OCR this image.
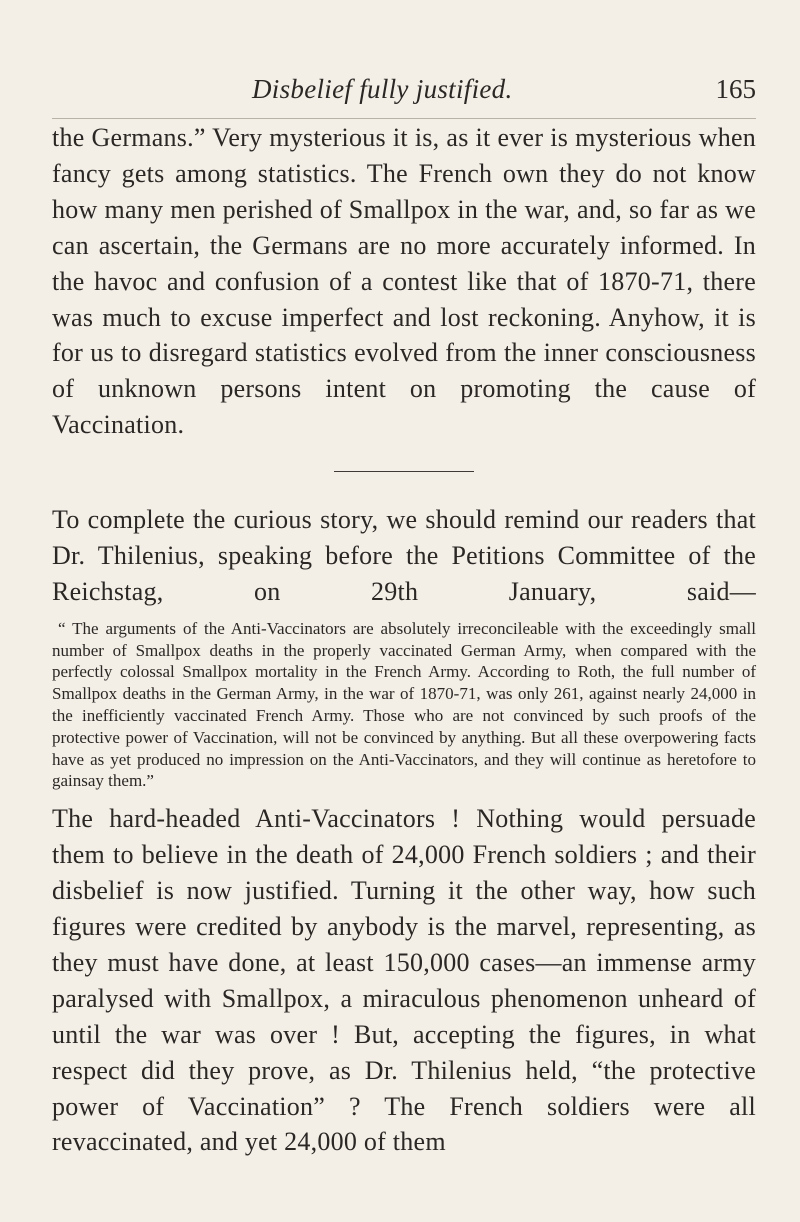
Disbelief fully justified.	165

the Germans.” Very mysterious it is, as it ever is mysterious when fancy gets among statistics. The French own they do not know how many men perished of Smallpox in the war, and, so far as we can ascertain, the Germans are no more accurately informed. In the havoc and confusion of a contest like that of 1870-71, there was much to excuse imperfect and lost reckoning. Anyhow, it is for us to disregard statistics evolved from the inner consciousness of unknown persons intent on promoting the cause of Vaccination.

To complete the curious story, we should remind our readers that Dr. Thilenius, speaking before the Petitions Committee of the Reichstag, on 29th January, said—

“ The arguments of the Anti-Vaccinators are absolutely irreconcileable with the exceedingly small number of Smallpox deaths in the properly vaccinated German Army, when compared with the perfectly colossal Smallpox mortality in the French Army. According to Roth, the full number of Smallpox deaths in the German Army, in the war of 1870-71, was only 261, against nearly 24,000 in the inefficiently vaccinated French Army. Those who are not convinced by such proofs of the protective power of Vaccination, will not be convinced by anything. But all these overpowering facts have as yet produced no impression on the Anti-Vaccinators, and they will continue as heretofore to gainsay them.”

The hard-headed Anti-Vaccinators ! Nothing would persuade them to believe in the death of 24,000 French soldiers ; and their disbelief is now justified. Turning it the other way, how such figures were credited by anybody is the marvel, representing, as they must have done, at least 150,000 cases—an immense army paralysed with Smallpox, a miraculous phenomenon unheard of until the war was over ! But, accepting the figures, in what respect did they prove, as Dr. Thilenius held, “the protective power of Vaccination” ? The French soldiers were all revaccinated, and yet 24,000 of them
